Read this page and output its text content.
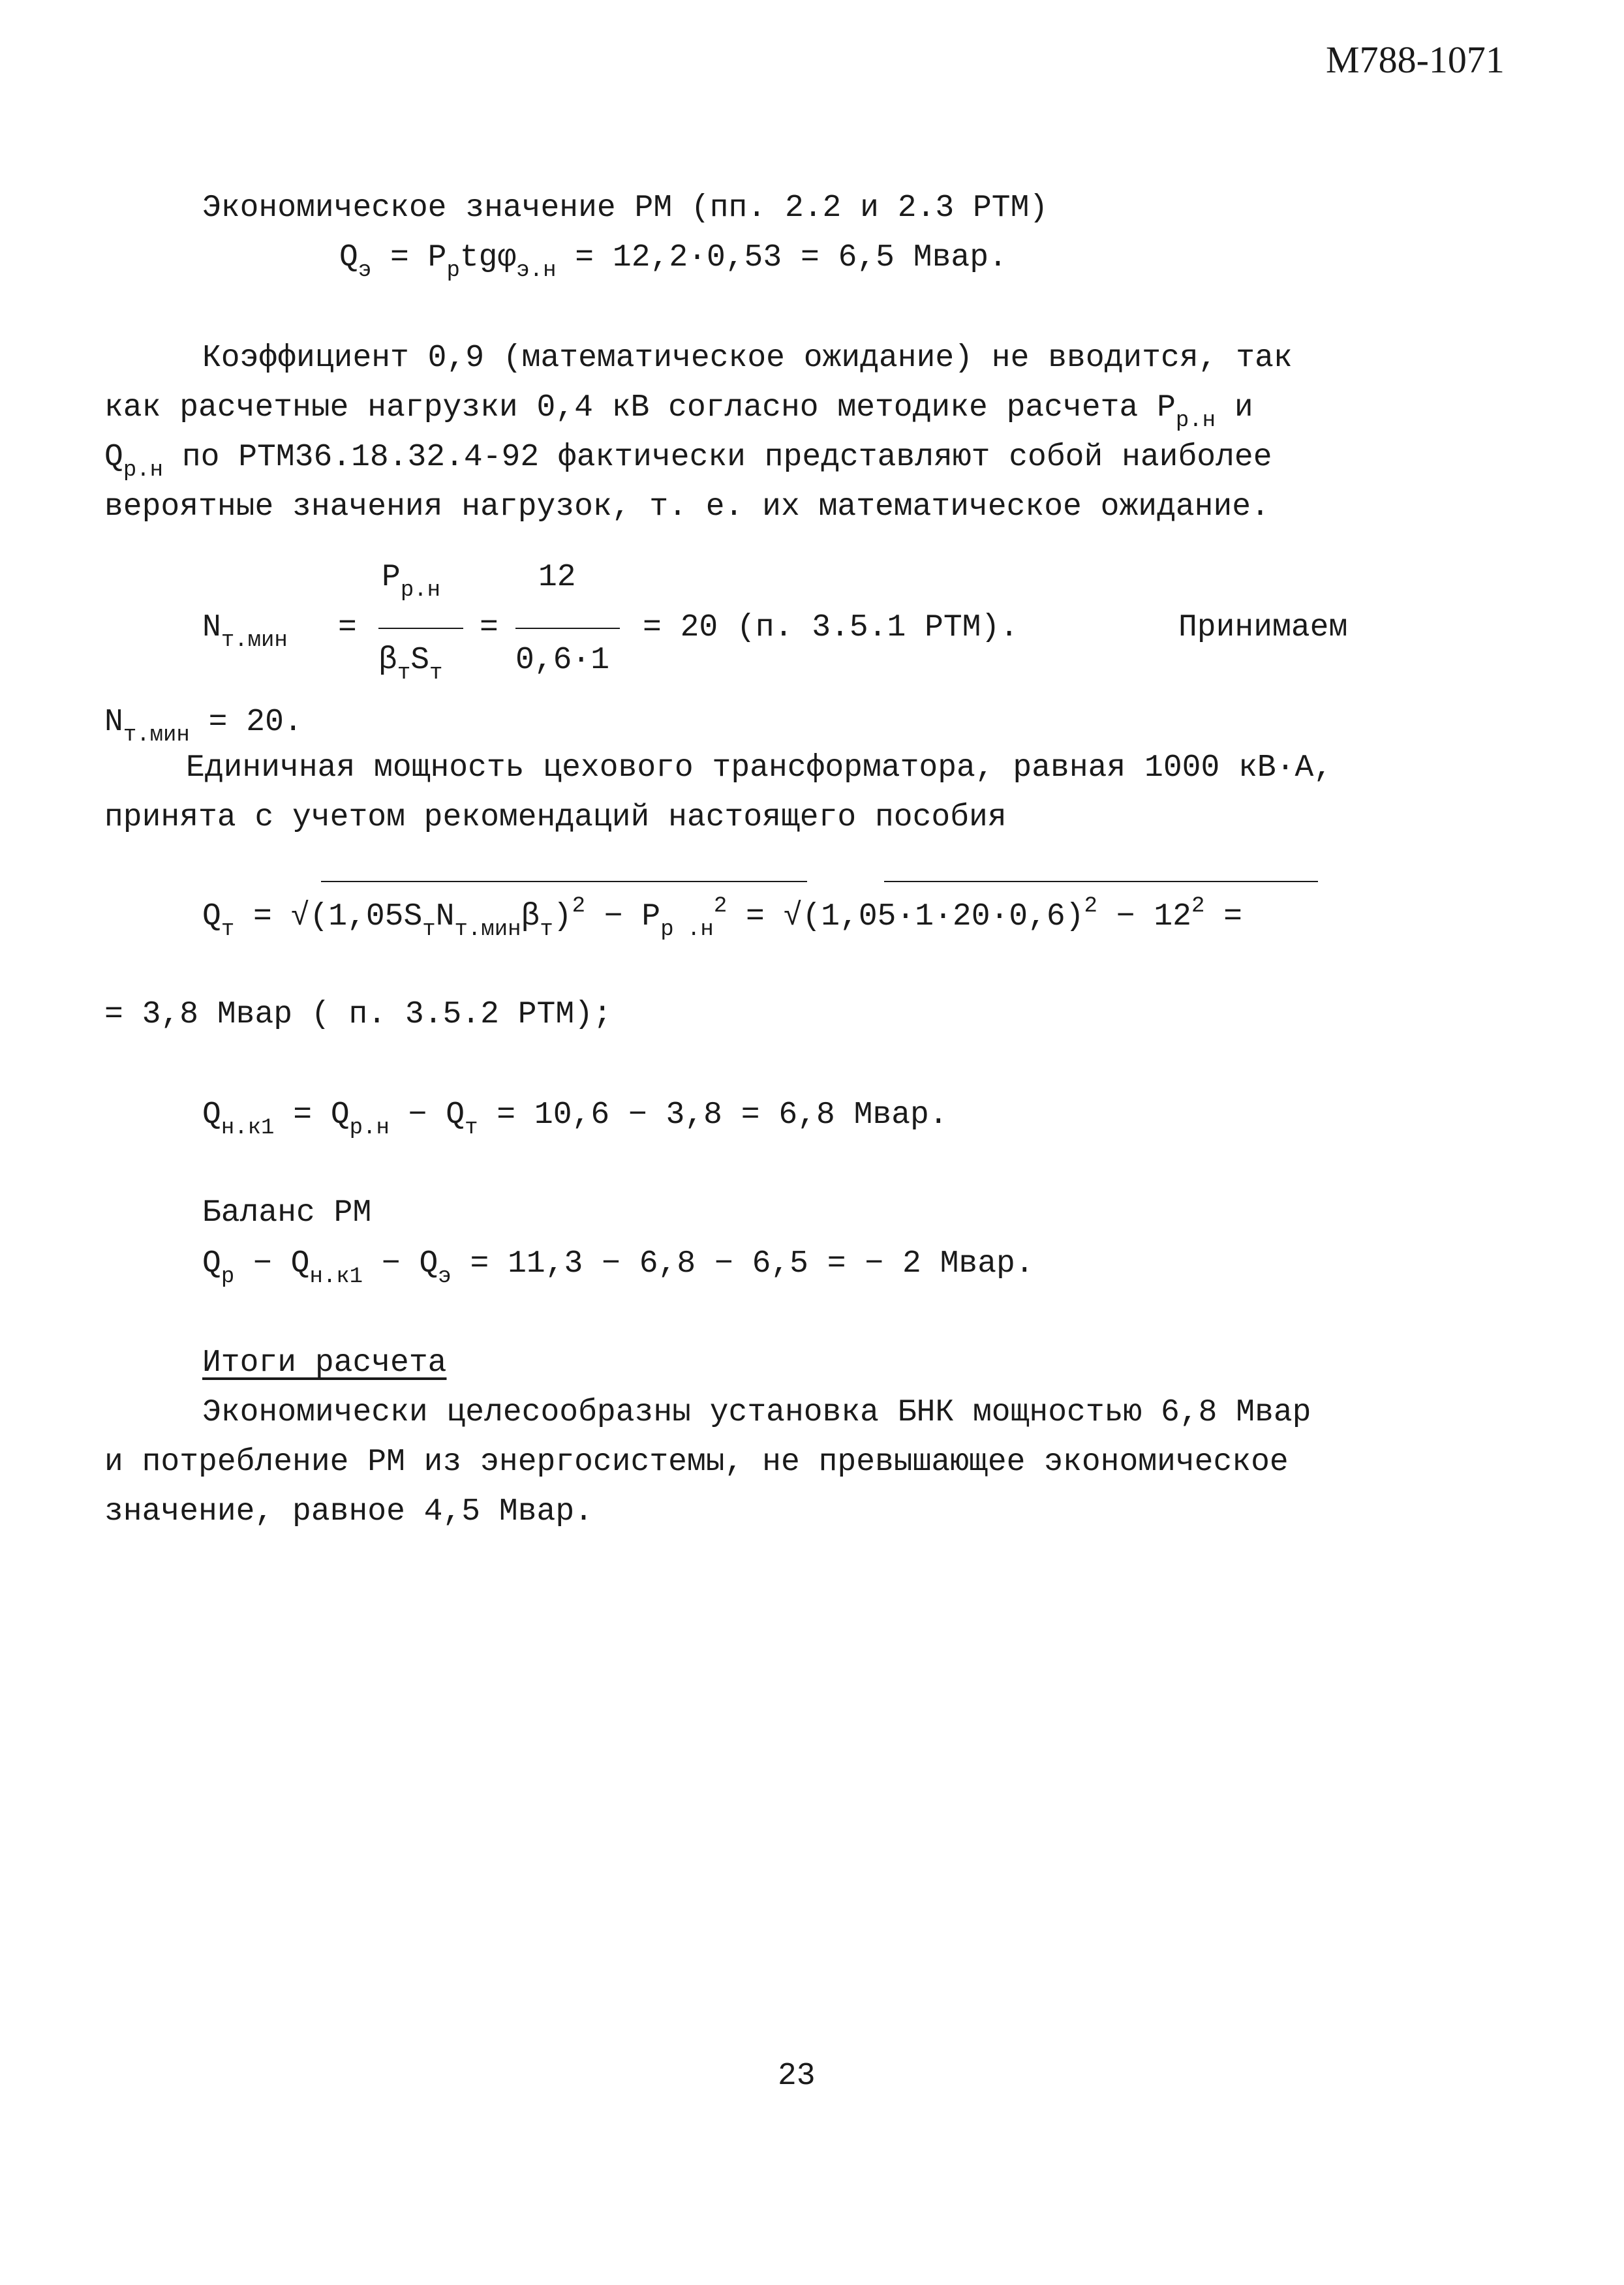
М788-1071
Экономическое значение РМ (пп. 2.2 и 2.3 РТМ)
$Q_э = P_рtg\varphi_{э.н} = 12,2\cdot 0,53 = 6,5$ Мвар.
Коэффициент 0,9 (математическое ожидание) не вводится, так
как расчетные нагрузки 0,4 кВ согласно методике расчета $P_{р.н}$ и
$Q_{р.н}$ по РТМ36.18.32.4-92 фактически представляют собой наиболее
вероятные значения нагрузок, т. е. их математическое ожидание.
$N_{т.мин}$ =
$P_{р.н}$
$\beta_тS_т$
=
12
0,6·1
= 20 (п. 3.5.1 РТМ).	Принимаем
$N_{т.мин} = 20$.
Единичная мощность цехового трансформатора, равная 1000 кВ·А,
принята с учетом рекомендаций настоящего пособия
$Q_т = √(1,05S_тN_{т.мин}\beta_т)^2 - P_{р .н}^2 = √(1,05\cdot 1\cdot 20\cdot 0,6)^2 - 12^2$ =
= 3,8 Мвар ( п. 3.5.2 РТМ);
$Q_{н.к1} = Q_{р.н} - Q_т = 10,6 - 3,8 = 6,8$ Мвар.
Баланс РМ
$Q_р - Q_{н.к1} - Q_э = 11,3 - 6,8 - 6,5$ = − 2 Мвар.
Итоги расчета
Экономически целесообразны установка БНК мощностью 6,8 Мвар
и потребление РМ из энергосистемы, не превышающее экономическое
значение, равное 4,5 Мвар.
23
